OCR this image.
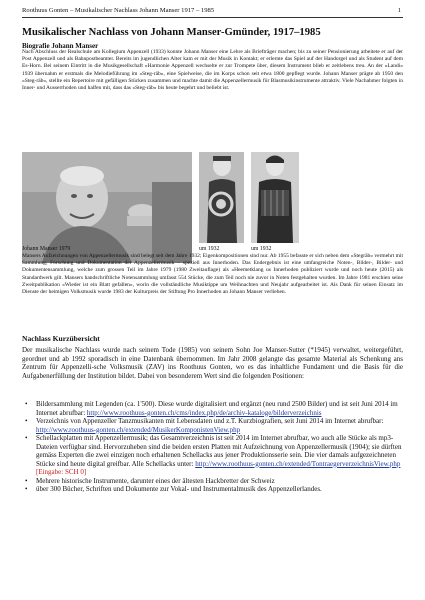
Roothuus Gonten – Musikalischer Nachlass Johann Manser 1917 – 1985	1
Musikalischer Nachlass von Johann Manser-Gmünder, 1917–1985
Biografie Johann Manser

Nach Abschluss der Realschule am Kollegium Appenzell (1933) konnte Johann Manser eine Lehre als Briefträger machen; bis zu seiner Pensionierung arbeitete er auf der Post Appenzell und als Bahnpostbeamter. Bereits im jugendlichen Alter kam er mit der Musik in Kontakt; er erlernte das Spiel auf der Handorgel und als Student auf dem Es-Horn. Bei seinem Eintritt in die Musikgesellschaft «Harmonie Appenzell wechselte er zur Trompete über, diesem Instrument blieb er zeitlebens treu. An der «Landi» 1939 übernahm er erstmals die Melodieführung im «Steg-räb», eine Spielweise, die im Korps schon seit etwa 1800 gepflegt wurde. Johann Manser prägte ab 1950 den «Steg-räb», stellte ein Repertoire mit gefälligen Stücken zusammen und machte damit die Appenzellermusik für Blasmusikinstrumente attraktiv. Viele Nachahmer folgten in Inner- und Ausserrhoden und halfen mit, dass das «Steg-räb» bis heute begehrt und beliebt ist.

Johann Manser 1979	um 1932	um 1932

Mansers Aufzeichnungen von Appenzellermusik sind belegt seit dem Jahre 1932; Eigenkompositionen sind nur. Ab 1955 befasste er sich neben dem «Stegräb» vermehrt mit Sammlung, Forschung und Dokumentation der Appenzellermusik – speziell aus Innerhoden. Das Endergebnis ist eine umfangreiche Noten-, Bilder-, Bilder- und Dokumentensammlung, welche zum grossen Teil im Jahre 1979 (1980 Zweitauflage) als «Heemetklang us Innerhoden publiziert wurde und noch heute (2015) als Standardwerk gilt. Mansers handschriftliche Notensammlung umfasst 554 Stücke, die zum Teil noch nie zuvor in Noten festgehalten wurden. Im Jahre 1981 erschien seine Zweitpublikation «Wieder ist ein Blatt gefallen», worin die vollständliche Musiktippe um Weihnachten und Neujahr aufgearbeitet ist. Als Dank für seinen Einsatz im Dienste der heimigen Volksmusik wurde 1983 der Kulturpreis der Stiftung Pro Innerhoden an Johann Manser verliehen.

Nachlass Kurzübersicht

Der musikalische Nachlass wurde nach seinem Tode (1985) von seinem Sohn Joe Manser-Sutter (*1945) verwaltet, weitergeführt, geordnet und ab 1992 sporadisch in eine Datenbank übernommen. Im Jahr 2008 gelangte das gesamte Material als Schenkung ans Zentrum für Appenzelli-sche Volksmusik (ZAV) ins Roothuus Gonten, wo es das inhaltliche Fundament und die Basis für die Aufgabenerfüllung der Institution bildet. Dabei von besonderem Wert sind die folgenden Positionen:

• Bildersammlung mit Legenden (ca. 1'500). Diese wurde digitalisiert und ergänzt (neu rund 2500 Bilder) und ist seit Juni 2014 im Internet abrufbar: http://www.roothuus-gonten.ch/cms/index.php/de/archiv-kataloge/bilderverzeichnis
• Verzeichnis von Appenzeller Tanzmusikanten mit Lebensdaten und z.T. Kurzbiografien, seit Juni 2014 im Internet abrufbar: http://www.roothuus-gonten.ch/extended/MusikerKomponistenView.php
• Schellackplatten mit Appenzellermusik; das Gesamtverzeichnis ist seit 2014 im Internet abrufbar, wo auch alle Stücke als mp3-Dateien verfügbar sind. Hervorzuheben sind die beiden ersten Platten mit Aufzeichnung von Appenzellermusik (1904); sie dürften gemäss Experten die zwei einzigen noch erhaltenen Schellacks aus jener Produktionsserie sein. Die vier damals aufgezeichneten Stücke sind heute digital greifbar. Alle Schellacks unter: http://www.roothuus-gonten.ch/extended/TontraegerverzeichnisView.php [Eingabe: SCH 0]
• Mehrere historische Instrumente, darunter eines der ältesten Hackbretter der Schweiz
• über 300 Bücher, Schriften und Dokumente zur Vokal- und Instrumentalmusik des Appenzellerlandes.
